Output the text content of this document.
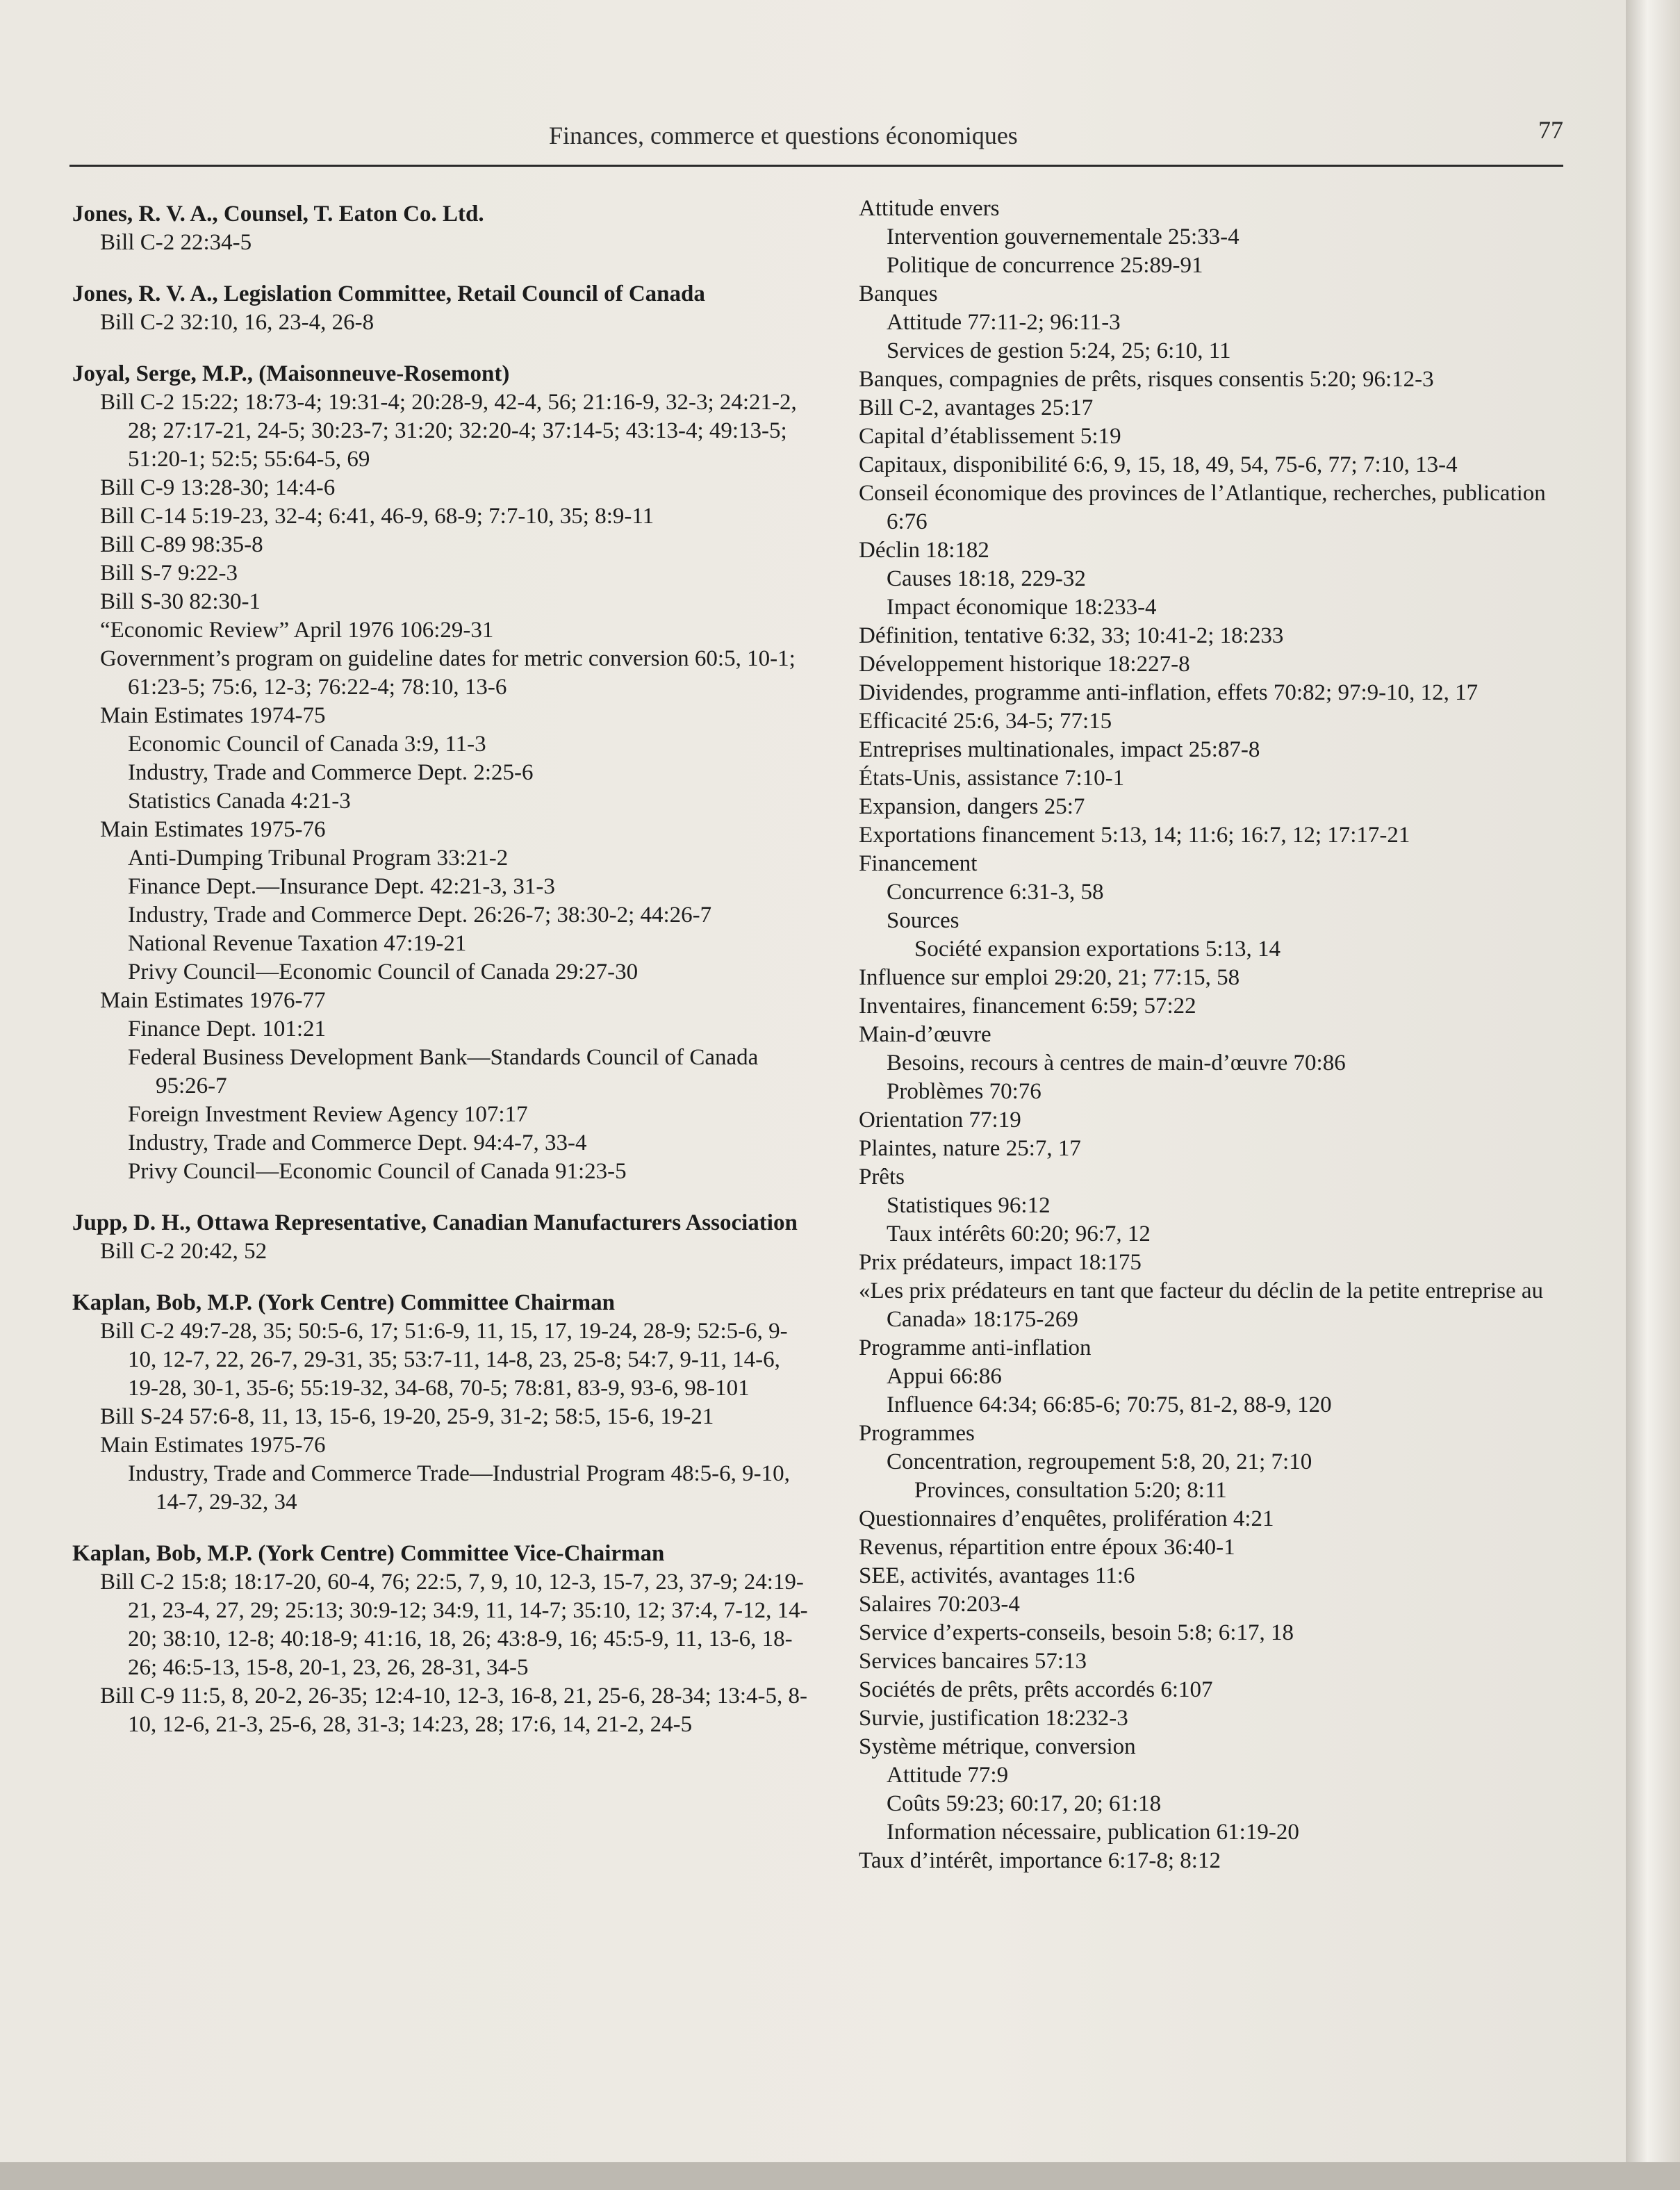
Finances, commerce et questions économiques	77
Jones, R. V. A., Counsel, T. Eaton Co. Ltd.
Bill C-2 22:34-5
Jones, R. V. A., Legislation Committee, Retail Council of Canada
Bill C-2 32:10, 16, 23-4, 26-8
Joyal, Serge, M.P., (Maisonneuve-Rosemont)
Bill C-2 15:22; 18:73-4; 19:31-4; 20:28-9, 42-4, 56; 21:16-9, 32-3; 24:21-2, 28; 27:17-21, 24-5; 30:23-7; 31:20; 32:20-4; 37:14-5; 43:13-4; 49:13-5; 51:20-1; 52:5; 55:64-5, 69
Bill C-9 13:28-30; 14:4-6
Bill C-14 5:19-23, 32-4; 6:41, 46-9, 68-9; 7:7-10, 35; 8:9-11
Bill C-89 98:35-8
Bill S-7 9:22-3
Bill S-30 82:30-1
“Economic Review” April 1976 106:29-31
Government’s program on guideline dates for metric conversion 60:5, 10-1; 61:23-5; 75:6, 12-3; 76:22-4; 78:10, 13-6
Main Estimates 1974-75
Economic Council of Canada 3:9, 11-3
Industry, Trade and Commerce Dept. 2:25-6
Statistics Canada 4:21-3
Main Estimates 1975-76
Anti-Dumping Tribunal Program 33:21-2
Finance Dept.—Insurance Dept. 42:21-3, 31-3
Industry, Trade and Commerce Dept. 26:26-7; 38:30-2; 44:26-7
National Revenue Taxation 47:19-21
Privy Council—Economic Council of Canada 29:27-30
Main Estimates 1976-77
Finance Dept. 101:21
Federal Business Development Bank—Standards Council of Canada 95:26-7
Foreign Investment Review Agency 107:17
Industry, Trade and Commerce Dept. 94:4-7, 33-4
Privy Council—Economic Council of Canada 91:23-5
Jupp, D. H., Ottawa Representative, Canadian Manufacturers Association
Bill C-2 20:42, 52
Kaplan, Bob, M.P. (York Centre) Committee Chairman
Bill C-2 49:7-28, 35; 50:5-6, 17; 51:6-9, 11, 15, 17, 19-24, 28-9; 52:5-6, 9-10, 12-7, 22, 26-7, 29-31, 35; 53:7-11, 14-8, 23, 25-8; 54:7, 9-11, 14-6, 19-28, 30-1, 35-6; 55:19-32, 34-68, 70-5; 78:81, 83-9, 93-6, 98-101
Bill S-24 57:6-8, 11, 13, 15-6, 19-20, 25-9, 31-2; 58:5, 15-6, 19-21
Main Estimates 1975-76
Industry, Trade and Commerce Trade—Industrial Program 48:5-6, 9-10, 14-7, 29-32, 34
Kaplan, Bob, M.P. (York Centre) Committee Vice-Chairman
Bill C-2 15:8; 18:17-20, 60-4, 76; 22:5, 7, 9, 10, 12-3, 15-7, 23, 37-9; 24:19-21, 23-4, 27, 29; 25:13; 30:9-12; 34:9, 11, 14-7; 35:10, 12; 37:4, 7-12, 14-20; 38:10, 12-8; 40:18-9; 41:16, 18, 26; 43:8-9, 16; 45:5-9, 11, 13-6, 18-26; 46:5-13, 15-8, 20-1, 23, 26, 28-31, 34-5
Bill C-9 11:5, 8, 20-2, 26-35; 12:4-10, 12-3, 16-8, 21, 25-6, 28-34; 13:4-5, 8-10, 12-6, 21-3, 25-6, 28, 31-3; 14:23, 28; 17:6, 14, 21-2, 24-5
Attitude envers
Intervention gouvernementale 25:33-4
Politique de concurrence 25:89-91
Banques
Attitude 77:11-2; 96:11-3
Services de gestion 5:24, 25; 6:10, 11
Banques, compagnies de prêts, risques consentis 5:20; 96:12-3
Bill C-2, avantages 25:17
Capital d’établissement 5:19
Capitaux, disponibilité 6:6, 9, 15, 18, 49, 54, 75-6, 77; 7:10, 13-4
Conseil économique des provinces de l’Atlantique, recherches, publication 6:76
Déclin 18:182
Causes 18:18, 229-32
Impact économique 18:233-4
Définition, tentative 6:32, 33; 10:41-2; 18:233
Développement historique 18:227-8
Dividendes, programme anti-inflation, effets 70:82; 97:9-10, 12, 17
Efficacité 25:6, 34-5; 77:15
Entreprises multinationales, impact 25:87-8
États-Unis, assistance 7:10-1
Expansion, dangers 25:7
Exportations financement 5:13, 14; 11:6; 16:7, 12; 17:17-21
Financement
Concurrence 6:31-3, 58
Sources
Société expansion exportations 5:13, 14
Influence sur emploi 29:20, 21; 77:15, 58
Inventaires, financement 6:59; 57:22
Main-d’œuvre
Besoins, recours à centres de main-d’œuvre 70:86
Problèmes 70:76
Orientation 77:19
Plaintes, nature 25:7, 17
Prêts
Statistiques 96:12
Taux intérêts 60:20; 96:7, 12
Prix prédateurs, impact 18:175
«Les prix prédateurs en tant que facteur du déclin de la petite entreprise au Canada» 18:175-269
Programme anti-inflation
Appui 66:86
Influence 64:34; 66:85-6; 70:75, 81-2, 88-9, 120
Programmes
Concentration, regroupement 5:8, 20, 21; 7:10
Provinces, consultation 5:20; 8:11
Questionnaires d’enquêtes, prolifération 4:21
Revenus, répartition entre époux 36:40-1
SEE, activités, avantages 11:6
Salaires 70:203-4
Service d’experts-conseils, besoin 5:8; 6:17, 18
Services bancaires 57:13
Sociétés de prêts, prêts accordés 6:107
Survie, justification 18:232-3
Système métrique, conversion
Attitude 77:9
Coûts 59:23; 60:17, 20; 61:18
Information nécessaire, publication 61:19-20
Taux d’intérêt, importance 6:17-8; 8:12
